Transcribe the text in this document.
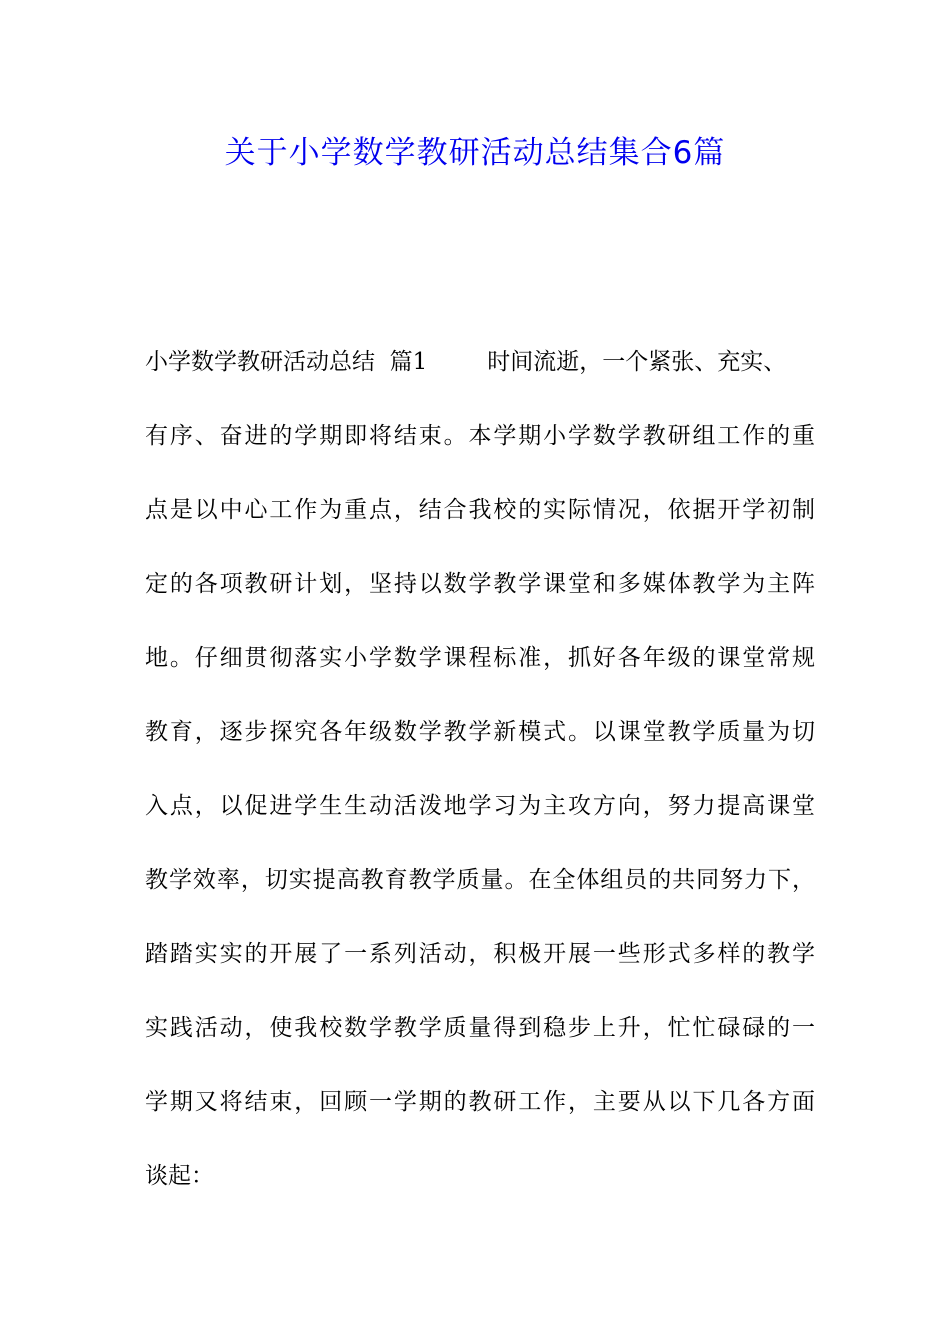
关于小学数学教研活动总结集合6篇
小学数学教研活动总结  篇1	时间流逝，一个紧张、充实、
有序、奋进的学期即将结束。本学期小学数学教研组工作的重
点是以中心工作为重点，结合我校的实际情况，依据开学初制
定的各项教研计划，坚持以数学教学课堂和多媒体教学为主阵
地。仔细贯彻落实小学数学课程标准，抓好各年级的课堂常规
教育，逐步探究各年级数学教学新模式。以课堂教学质量为切
入点，以促进学生生动活泼地学习为主攻方向，努力提高课堂
教学效率，切实提高教育教学质量。在全体组员的共同努力下，
踏踏实实的开展了一系列活动，积极开展一些形式多样的教学
实践活动，使我校数学教学质量得到稳步上升，忙忙碌碌的一
学期又将结束，回顾一学期的教研工作，主要从以下几各方面
谈起：
